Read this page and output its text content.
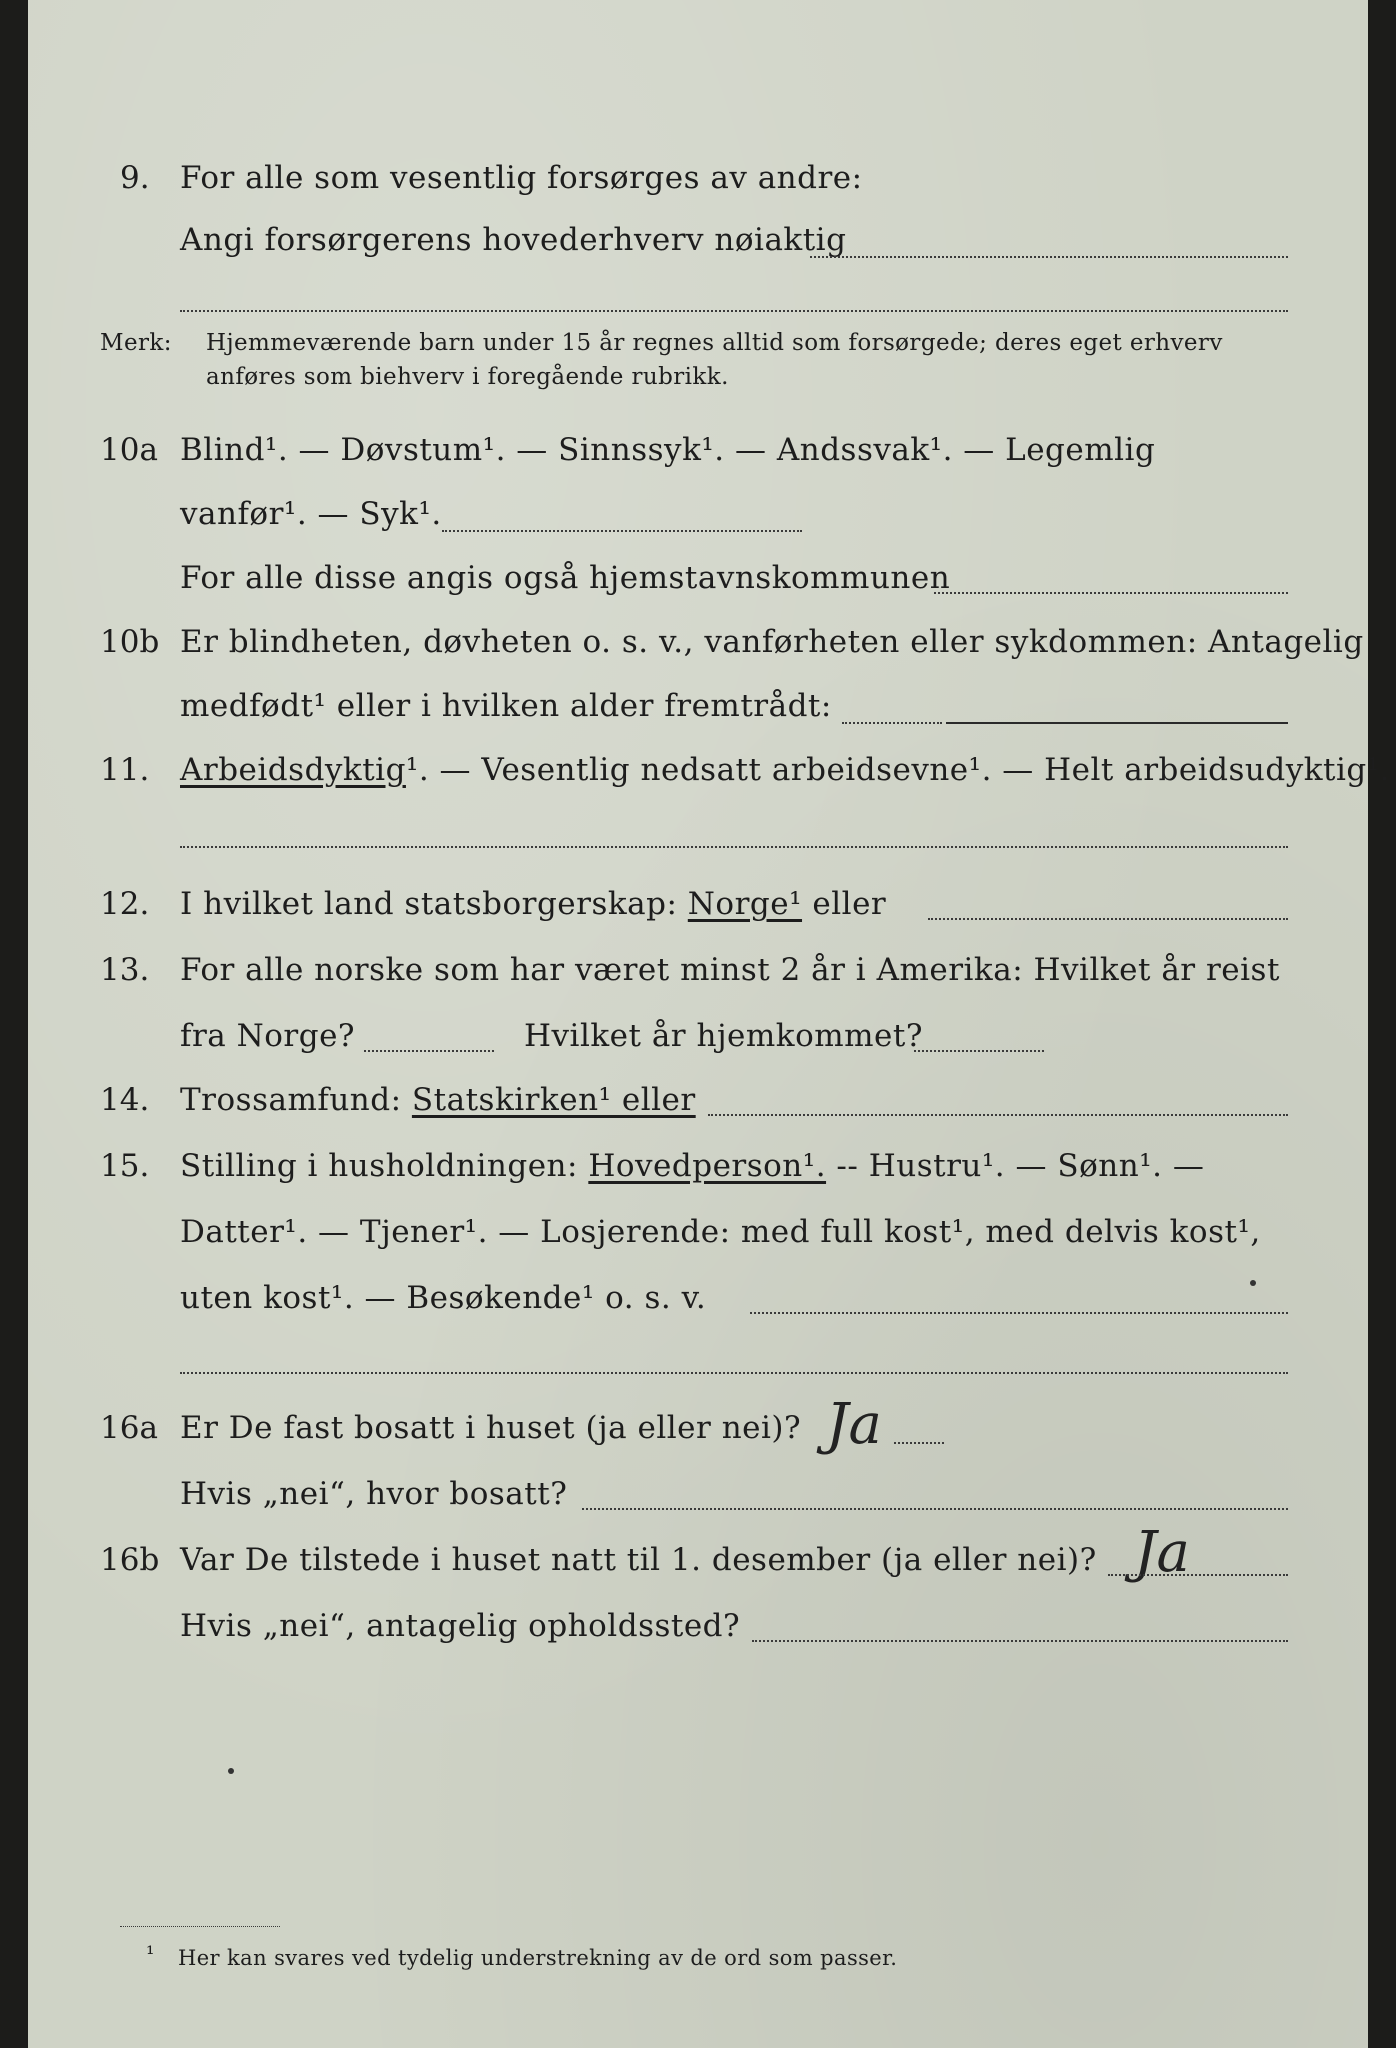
9. For alle som vesentlig forsørges av andre:
Angi forsørgerens hovederhverv nøiaktig
Merk: Hjemmeværende barn under 15 år regnes alltid som forsørgede; deres eget erhverv
anføres som biehverv i foregående rubrikk.
10a Blind¹. — Døvstum¹. — Sinnssyk¹. — Andssvak¹. — Legemlig
vanfør¹. — Syk¹.
For alle disse angis også hjemstavnskommunen
10b Er blindheten, døvheten o. s. v., vanførheten eller sykdommen: Antagelig
medfødt¹ eller i hvilken alder fremtrådt:
11. Arbeidsdyktig¹. — Vesentlig nedsatt arbeidsevne¹. — Helt arbeidsudyktig¹.
12. I hvilket land statsborgerskap: Norge¹ eller
13. For alle norske som har været minst 2 år i Amerika: Hvilket år reist
fra Norge?	Hvilket år hjemkommet?
14. Trossamfund: Statskirken¹ eller
15. Stilling i husholdningen: Hovedperson¹. -- Hustru¹. — Sønn¹. —
Datter¹. — Tjener¹. — Losjerende: med full kost¹, med delvis kost¹,
uten kost¹. — Besøkende¹ o. s. v.
16a Er De fast bosatt i huset (ja eller nei)? Ja
Hvis „nei“, hvor bosatt?
16b Var De tilstede i huset natt til 1. desember (ja eller nei)? Ja
Hvis „nei“, antagelig opholdssted?
¹ Her kan svares ved tydelig understrekning av de ord som passer.
